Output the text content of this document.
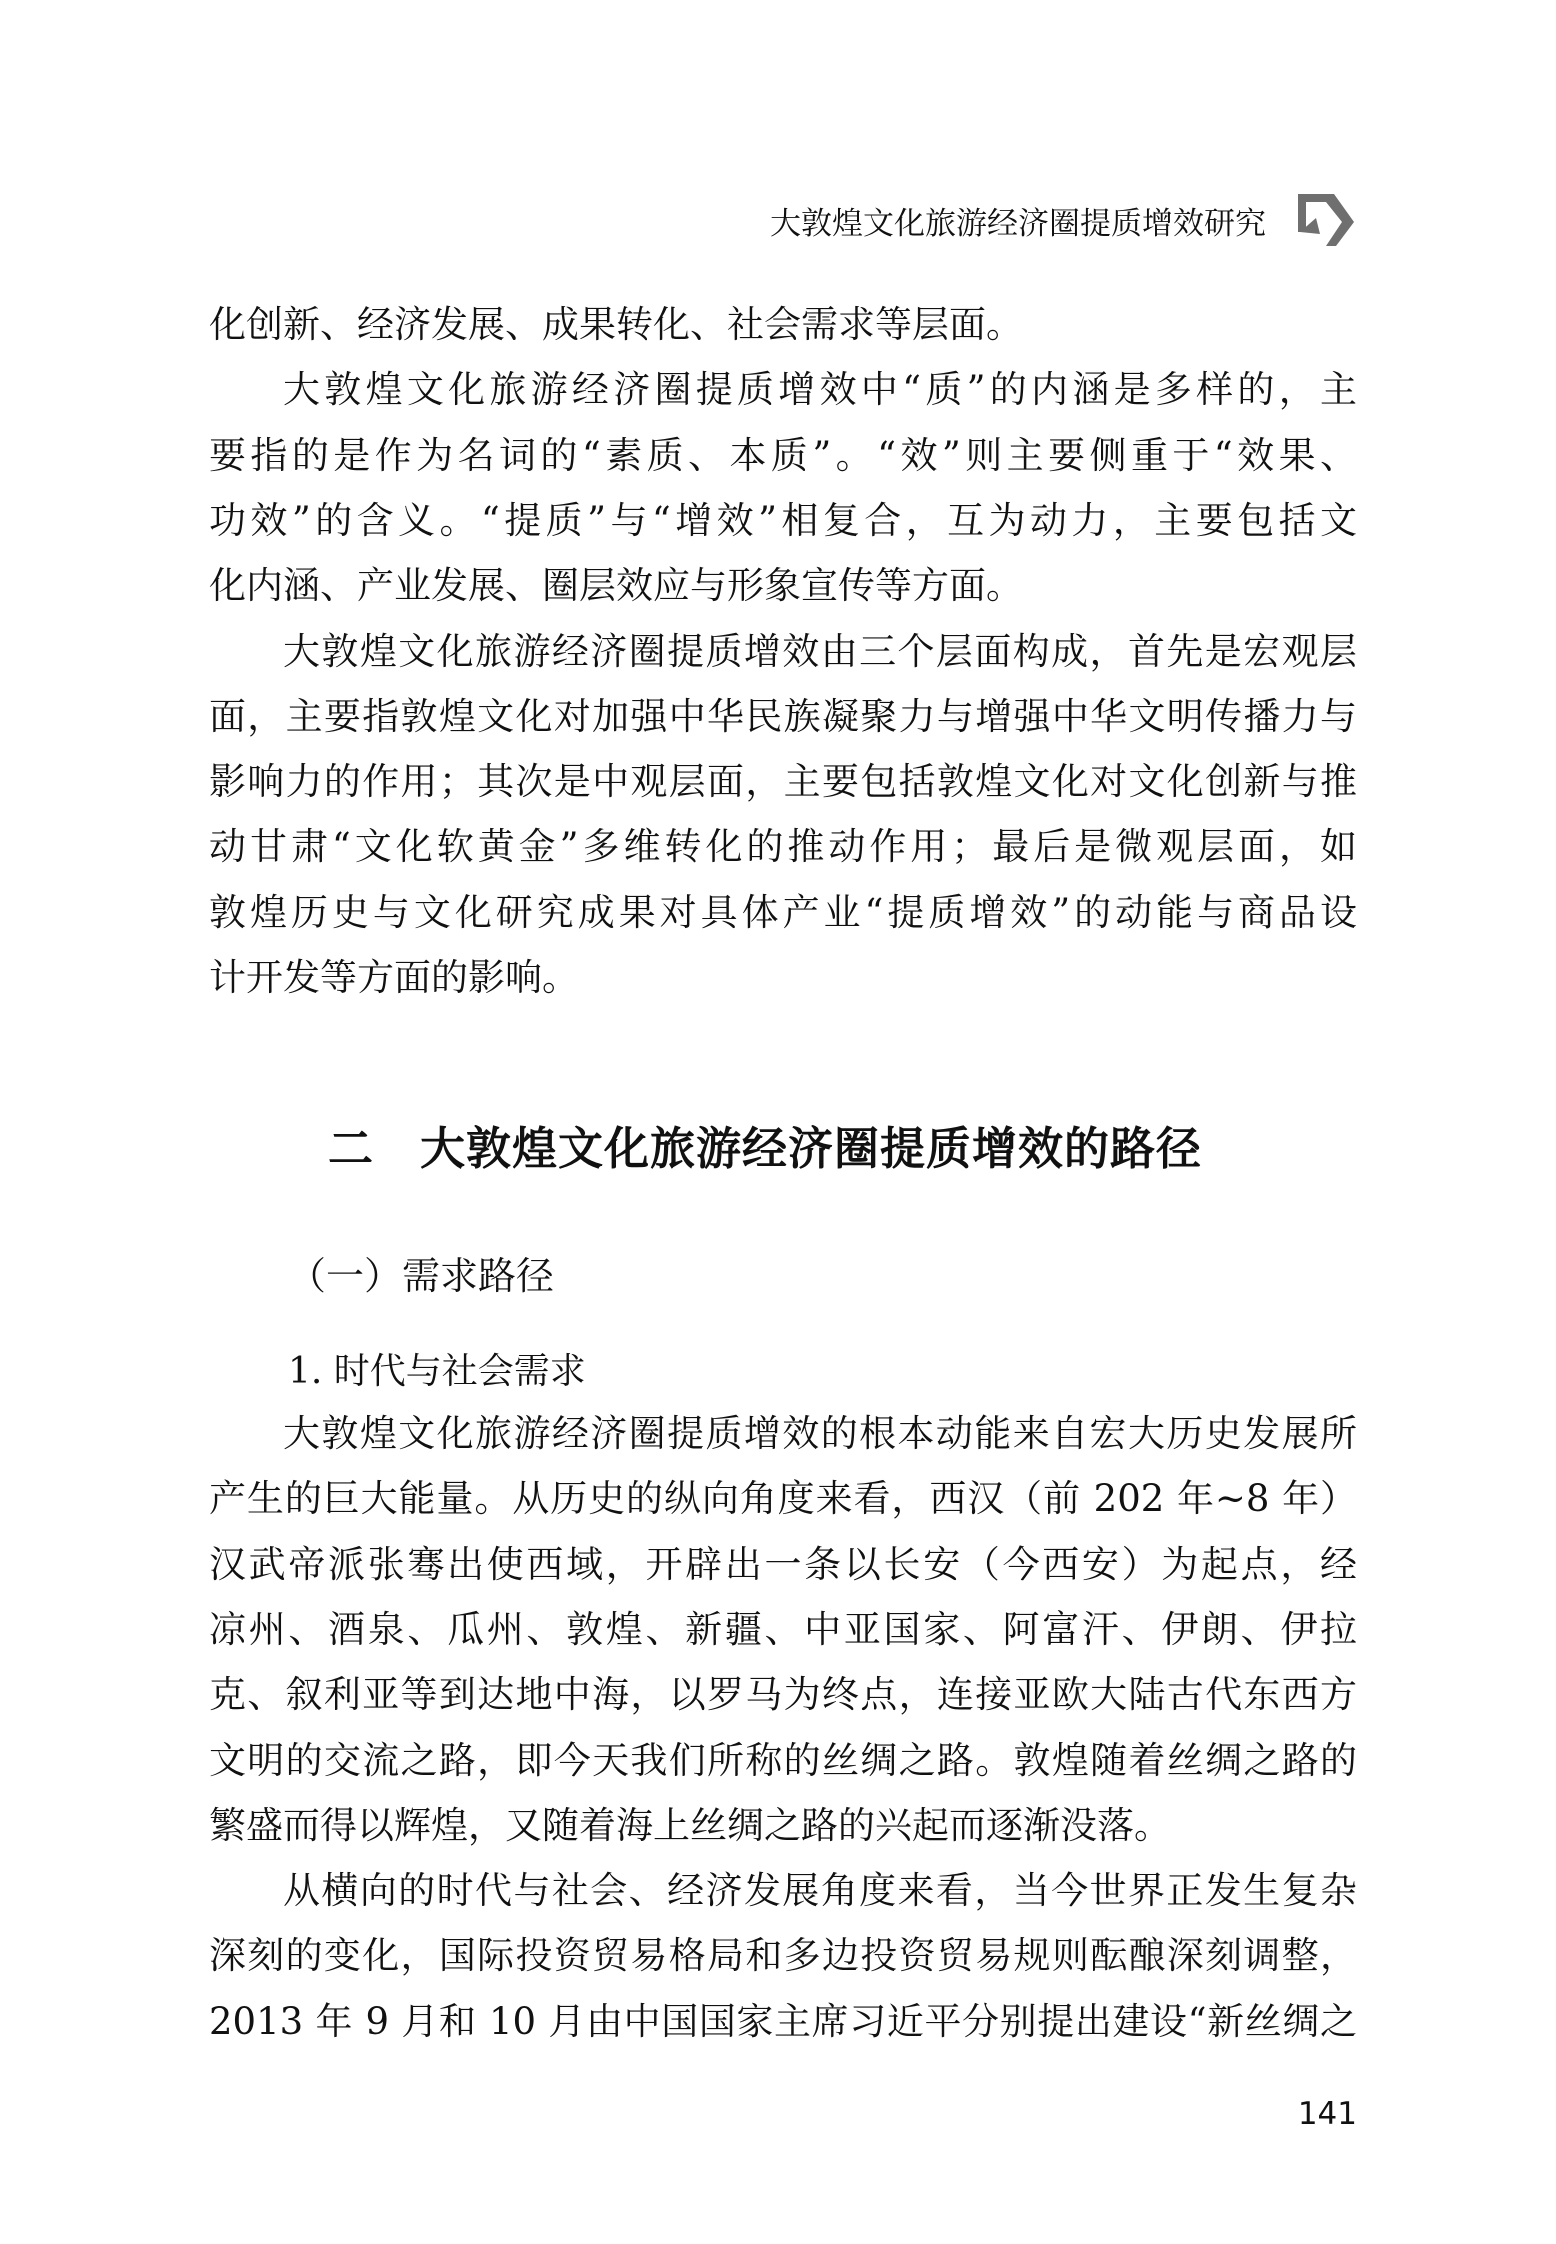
大敦煌文化旅游经济圈提质增效研究
化创新、经济发展、成果转化、社会需求等层面。
大敦煌文化旅游经济圈提质增效中“质”的内涵是多样的，主
要指的是作为名词的“素质、本质”。“效”则主要侧重于“效果、
功效”的含义。“提质”与“增效”相复合，互为动力，主要包括文
化内涵、产业发展、圈层效应与形象宣传等方面。
大敦煌文化旅游经济圈提质增效由三个层面构成，首先是宏观层
面，主要指敦煌文化对加强中华民族凝聚力与增强中华文明传播力与
影响力的作用；其次是中观层面，主要包括敦煌文化对文化创新与推
动甘肃“文化软黄金”多维转化的推动作用；最后是微观层面，如
敦煌历史与文化研究成果对具体产业“提质增效”的动能与商品设
计开发等方面的影响。
二　大敦煌文化旅游经济圈提质增效的路径
（一）需求路径
1. 时代与社会需求
大敦煌文化旅游经济圈提质增效的根本动能来自宏大历史发展所
产生的巨大能量。从历史的纵向角度来看，西汉（前 202 年~8 年）
汉武帝派张骞出使西域，开辟出一条以长安（今西安）为起点，经
凉州、酒泉、瓜州、敦煌、新疆、中亚国家、阿富汗、伊朗、伊拉
克、叙利亚等到达地中海，以罗马为终点，连接亚欧大陆古代东西方
文明的交流之路，即今天我们所称的丝绸之路。敦煌随着丝绸之路的
繁盛而得以辉煌，又随着海上丝绸之路的兴起而逐渐没落。
从横向的时代与社会、经济发展角度来看，当今世界正发生复杂
深刻的变化，国际投资贸易格局和多边投资贸易规则酝酿深刻调整，
2013 年 9 月和 10 月由中国国家主席习近平分别提出建设“新丝绸之
141
